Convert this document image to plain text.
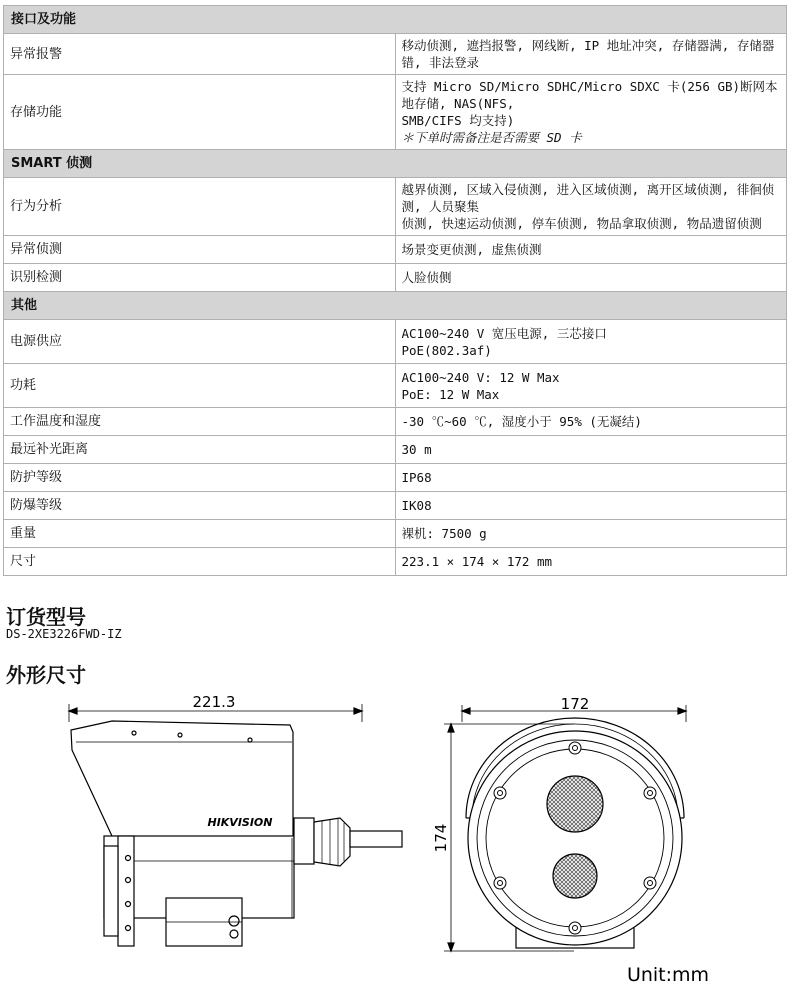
接口及功能	
异常报警	移动侦测, 遮挡报警, 网线断, IP 地址冲突, 存储器满, 存储器错, 非法登录

存储功能	支持 Micro SD/Micro SDHC/Micro SDXC 卡(256 GB)断网本地存储, NAS(NFS,
SMB/CIFS 均支持)
＊下单时需备注是否需要 SD 卡

SMART 侦测	
行为分析	越界侦测, 区域入侵侦测, 进入区域侦测, 离开区域侦测, 徘徊侦测, 人员聚集
侦测, 快速运动侦测, 停车侦测, 物品拿取侦测, 物品遗留侦测

异常侦测	场景变更侦测, 虚焦侦测

识别检测	人脸侦侧

其他	
电源供应	AC100~240 V 宽压电源, 三芯接口
PoE(802.3af)

功耗	AC100~240 V: 12 W Max
PoE: 12 W Max

工作温度和湿度	-30 ℃~60 ℃, 湿度小于 95% (无凝结)

最远补光距离	30 m

防护等级	IP68

防爆等级	IK08

重量	裸机: 7500 g

尺寸	223.1 × 174 × 172 mm
订货型号
DS-2XE3226FWD-IZ
外形尺寸
HIKVISION
221.3	172
174
Unit:mm
